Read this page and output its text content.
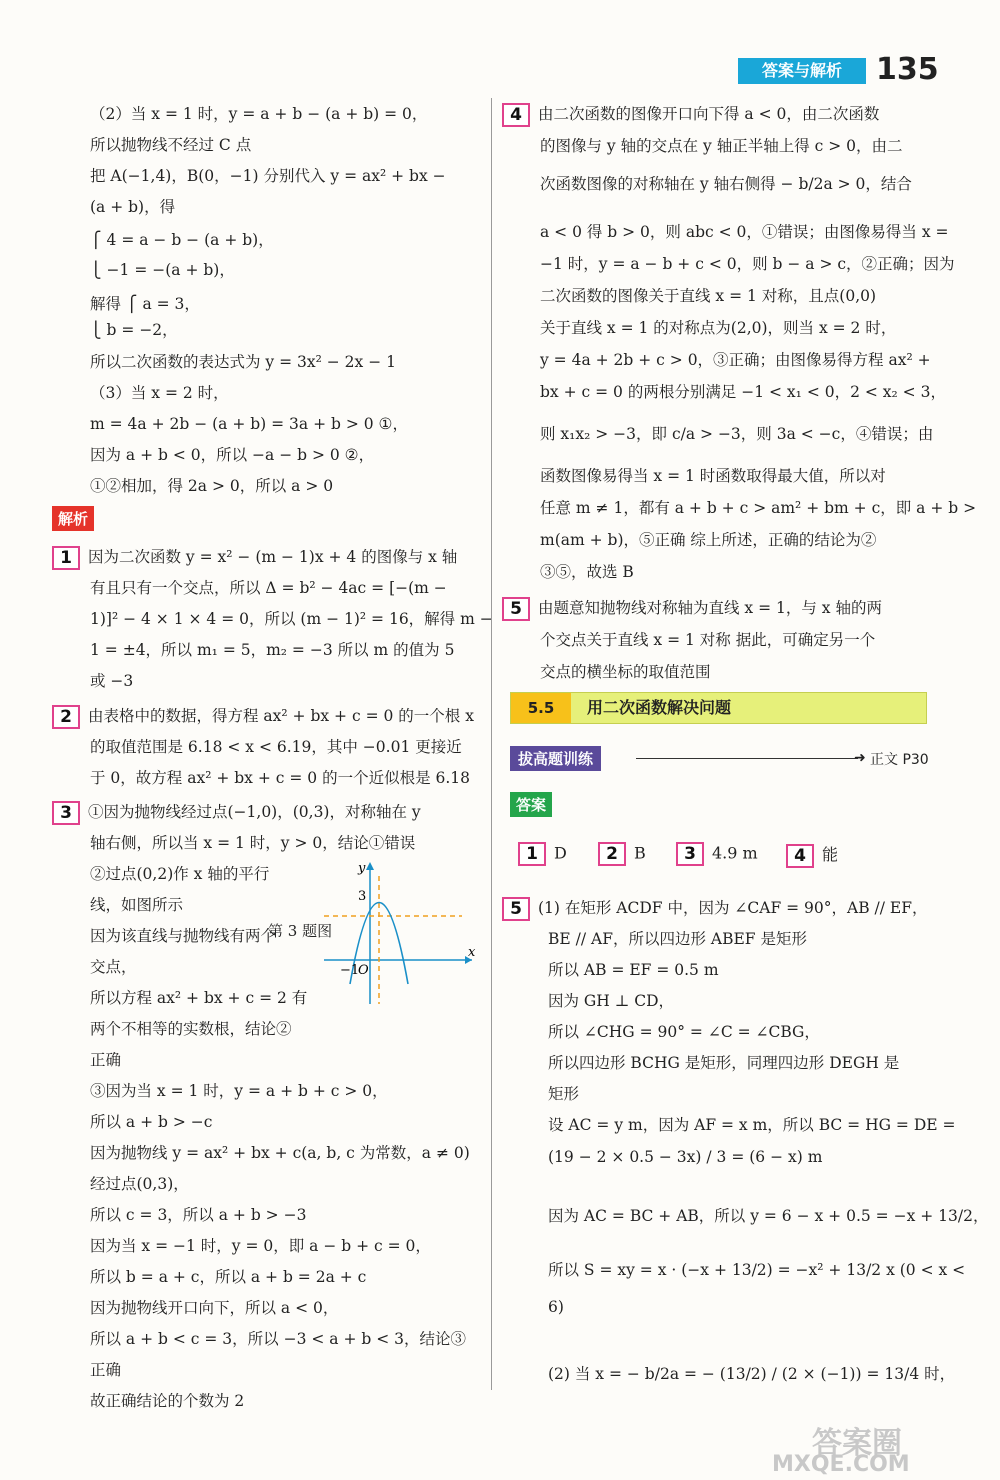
答案与解析	135
（2）当 x = 1 时，y = a + b − (a + b) = 0，
所以抛物线不经过 C 点
把 A(−1,4)，B(0，−1) 分别代入 y = ax² + bx −
(a + b)，得
⎧ 4 = a − b − (a + b)，
⎩ −1 = −(a + b)，
解得 ⎧ a = 3，
⎩ b = −2，
所以二次函数的表达式为 y = 3x² − 2x − 1
（3）当 x = 2 时，
m = 4a + 2b − (a + b) = 3a + b > 0 ①，
因为 a + b < 0，所以 −a − b > 0 ②，
①②相加，得 2a > 0，所以 a > 0
解析
1 因为二次函数 y = x² − (m − 1)x + 4 的图像与 x 轴
有且只有一个交点，所以 Δ = b² − 4ac = [−(m −
1)]² − 4 × 1 × 4 = 0，所以 (m − 1)² = 16，解得 m −
1 = ±4，所以 m₁ = 5，m₂ = −3 所以 m 的值为 5
或 −3
2 由表格中的数据，得方程 ax² + bx + c = 0 的一个根 x
的取值范围是 6.18 < x < 6.19，其中 −0.01 更接近
于 0，故方程 ax² + bx + c = 0 的一个近似根是 6.18
3 ①因为抛物线经过点(−1,0)，(0,3)，对称轴在 y
轴右侧，所以当 x = 1 时，y > 0，结论①错误
②过点(0,2)作 x 轴的平行
线，如图所示
因为该直线与抛物线有两个
交点，
所以方程 ax² + bx + c = 2 有
两个不相等的实数根，结论②
正确
③因为当 x = 1 时，y = a + b + c > 0，
所以 a + b > −c
因为抛物线 y = ax² + bx + c(a, b, c 为常数，a ≠ 0)
经过点(0,3)，
所以 c = 3，所以 a + b > −3
因为当 x = −1 时，y = 0，即 a − b + c = 0，
所以 b = a + c，所以 a + b = 2a + c
因为抛物线开口向下，所以 a < 0，
所以 a + b < c = 3，所以 −3 < a + b < 3，结论③
正确
故正确结论的个数为 2
y
x
3
−1
O
第 3 题图
4 由二次函数的图像开口向下得 a < 0，由二次函数
的图像与 y 轴的交点在 y 轴正半轴上得 c > 0，由二
次函数图像的对称轴在 y 轴右侧得 − b/2a > 0，结合
a < 0 得 b > 0，则 abc < 0，①错误；由图像易得当 x =
−1 时，y = a − b + c < 0，则 b − a > c，②正确；因为
二次函数的图像关于直线 x = 1 对称，且点(0,0)
关于直线 x = 1 的对称点为(2,0)，则当 x = 2 时，
y = 4a + 2b + c > 0，③正确；由图像易得方程 ax² +
bx + c = 0 的两根分别满足 −1 < x₁ < 0，2 < x₂ < 3，
则 x₁x₂ > −3，即 c/a > −3，则 3a < −c，④错误；由
函数图像易得当 x = 1 时函数取得最大值，所以对
任意 m ≠ 1，都有 a + b + c > am² + bm + c，即 a + b >
m(am + b)，⑤正确 综上所述，正确的结论为②
③⑤，故选 B
5 由题意知抛物线对称轴为直线 x = 1，与 x 轴的两
个交点关于直线 x = 1 对称 据此，可确定另一个
交点的横坐标的取值范围
5.5	用二次函数解决问题
拔高题训练	➜ 正文 P30
答案
1 D	2 B	3 4.9 m	4 能
5 (1) 在矩形 ACDF 中，因为 ∠CAF = 90°，AB // EF，
BE // AF，所以四边形 ABEF 是矩形
所以 AB = EF = 0.5 m
因为 GH ⊥ CD，
所以 ∠CHG = 90° = ∠C = ∠CBG，
所以四边形 BCHG 是矩形，同理四边形 DEGH 是
矩形
设 AC = y m，因为 AF = x m，所以 BC = HG = DE =
(19 − 2 × 0.5 − 3x) / 3 = (6 − x) m
因为 AC = BC + AB，所以 y = 6 − x + 0.5 = −x + 13/2，
所以 S = xy = x · (−x + 13/2) = −x² + 13/2 x (0 < x <
6)
(2) 当 x = − b/2a = − (13/2) / (2 × (−1)) = 13/4 时，
答案圈
MXQE.COM
